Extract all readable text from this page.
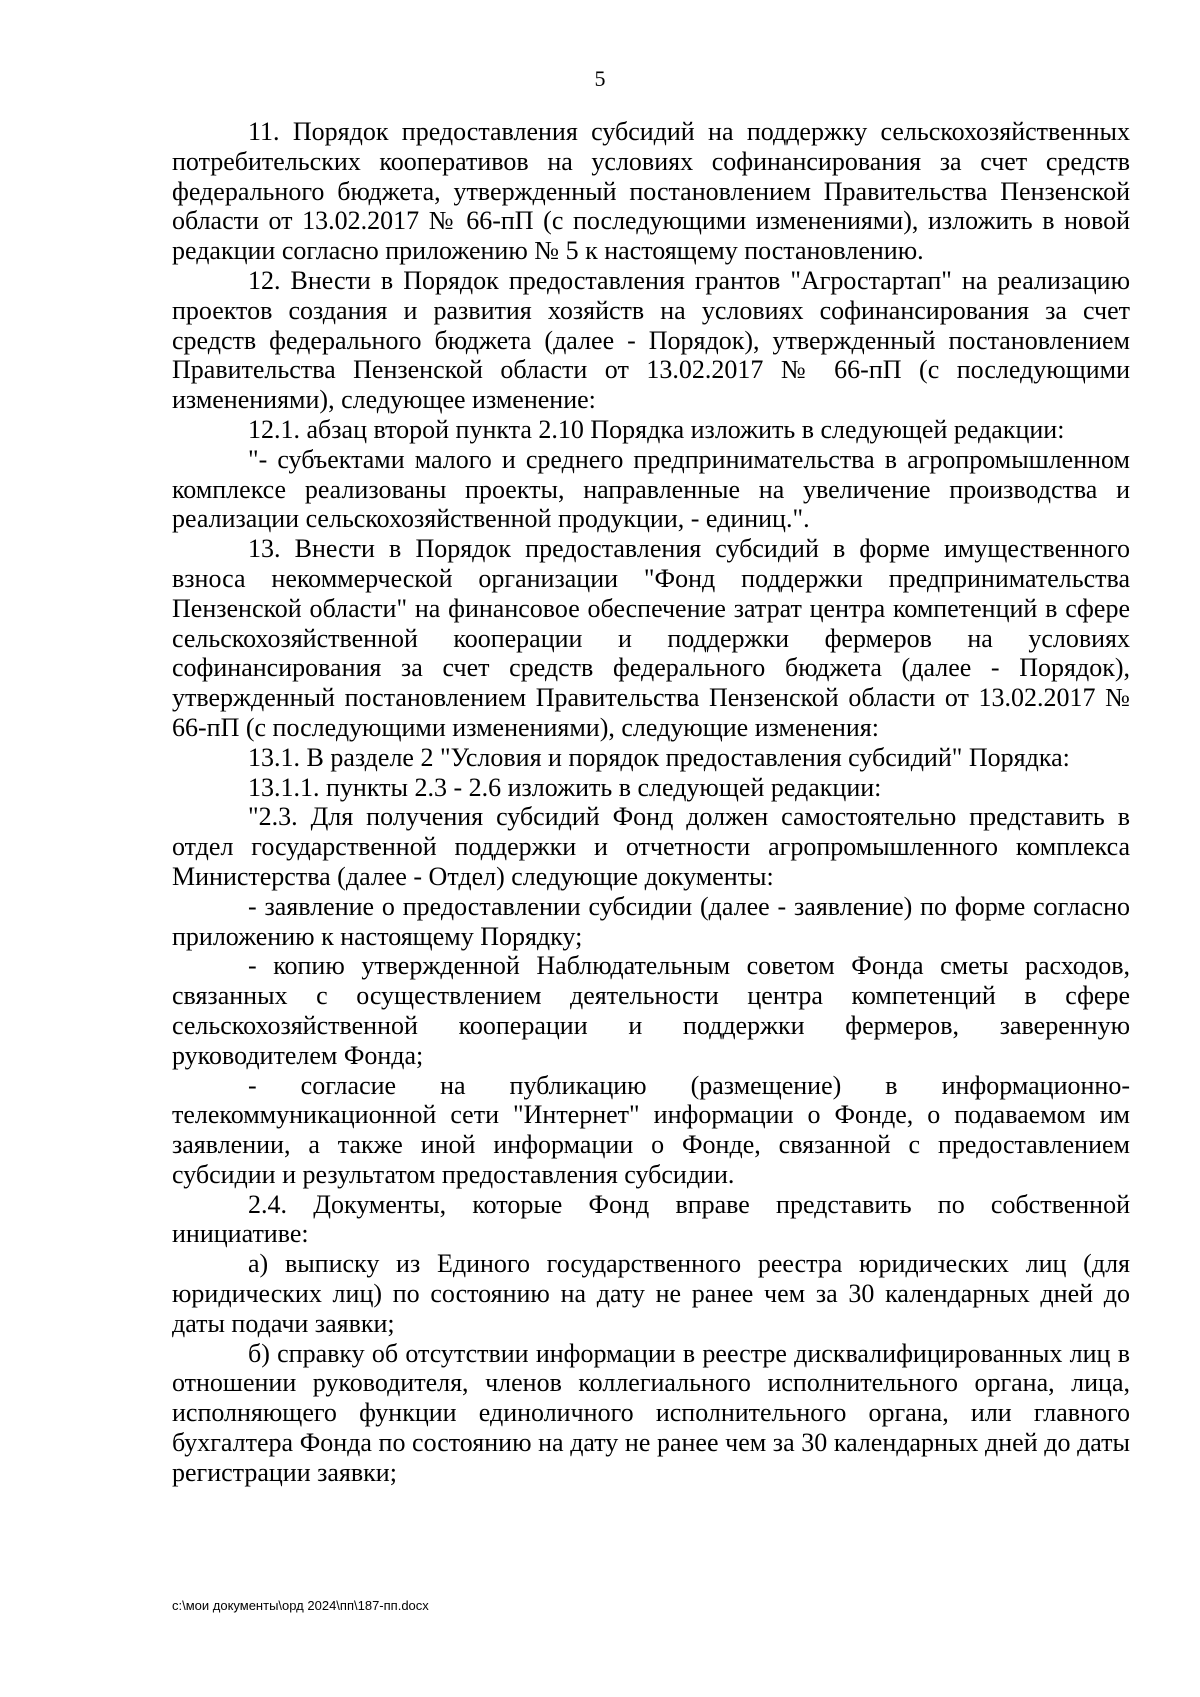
5

11. Порядок предоставления субсидий на поддержку сельскохозяйственных потребительских кооперативов на условиях софинансирования за счет средств федерального бюджета, утвержденный постановлением Правительства Пензенской области от 13.02.2017 № 66-пП (с последующими изменениями), изложить в новой редакции согласно приложению № 5 к настоящему постановлению.

12. Внести в Порядок предоставления грантов "Агростартап" на реализацию проектов создания и развития хозяйств на условиях софинансирования за счет средств федерального бюджета (далее - Порядок), утвержденный постановлением Правительства Пензенской области от 13.02.2017 № 66-пП (с последующими изменениями), следующее изменение:

12.1. абзац второй пункта 2.10 Порядка изложить в следующей редакции:

"- субъектами малого и среднего предпринимательства в агропромышленном комплексе реализованы проекты, направленные на увеличение производства и реализации сельскохозяйственной продукции, - единиц.".

13. Внести в Порядок предоставления субсидий в форме имущественного взноса некоммерческой организации "Фонд поддержки предпринимательства Пензенской области" на финансовое обеспечение затрат центра компетенций в сфере сельскохозяйственной кооперации и поддержки фермеров на условиях софинансирования за счет средств федерального бюджета (далее - Порядок), утвержденный постановлением Правительства Пензенской области от 13.02.2017 № 66-пП (с последующими изменениями), следующие изменения:

13.1. В разделе 2 "Условия и порядок предоставления субсидий" Порядка:

13.1.1. пункты 2.3 - 2.6 изложить в следующей редакции:

"2.3. Для получения субсидий Фонд должен самостоятельно представить в отдел государственной поддержки и отчетности агропромышленного комплекса Министерства (далее - Отдел) следующие документы:

- заявление о предоставлении субсидии (далее - заявление) по форме согласно приложению к настоящему Порядку;

- копию утвержденной Наблюдательным советом Фонда сметы расходов, связанных с осуществлением деятельности центра компетенций в сфере сельскохозяйственной кооперации и поддержки фермеров, заверенную руководителем Фонда;

- согласие на публикацию (размещение) в информационно-телекоммуникационной сети "Интернет" информации о Фонде, о подаваемом им заявлении, а также иной информации о Фонде, связанной с предоставлением субсидии и результатом предоставления субсидии.

2.4. Документы, которые Фонд вправе представить по собственной инициативе:

а) выписку из Единого государственного реестра юридических лиц (для юридических лиц) по состоянию на дату не ранее чем за 30 календарных дней до даты подачи заявки;

б) справку об отсутствии информации в реестре дисквалифицированных лиц в отношении руководителя, членов коллегиального исполнительного органа, лица, исполняющего функции единоличного исполнительного органа, или главного бухгалтера Фонда по состоянию на дату не ранее чем за 30 календарных дней до даты регистрации заявки;

c:\мои документы\орд 2024\пп\187-пп.docx
